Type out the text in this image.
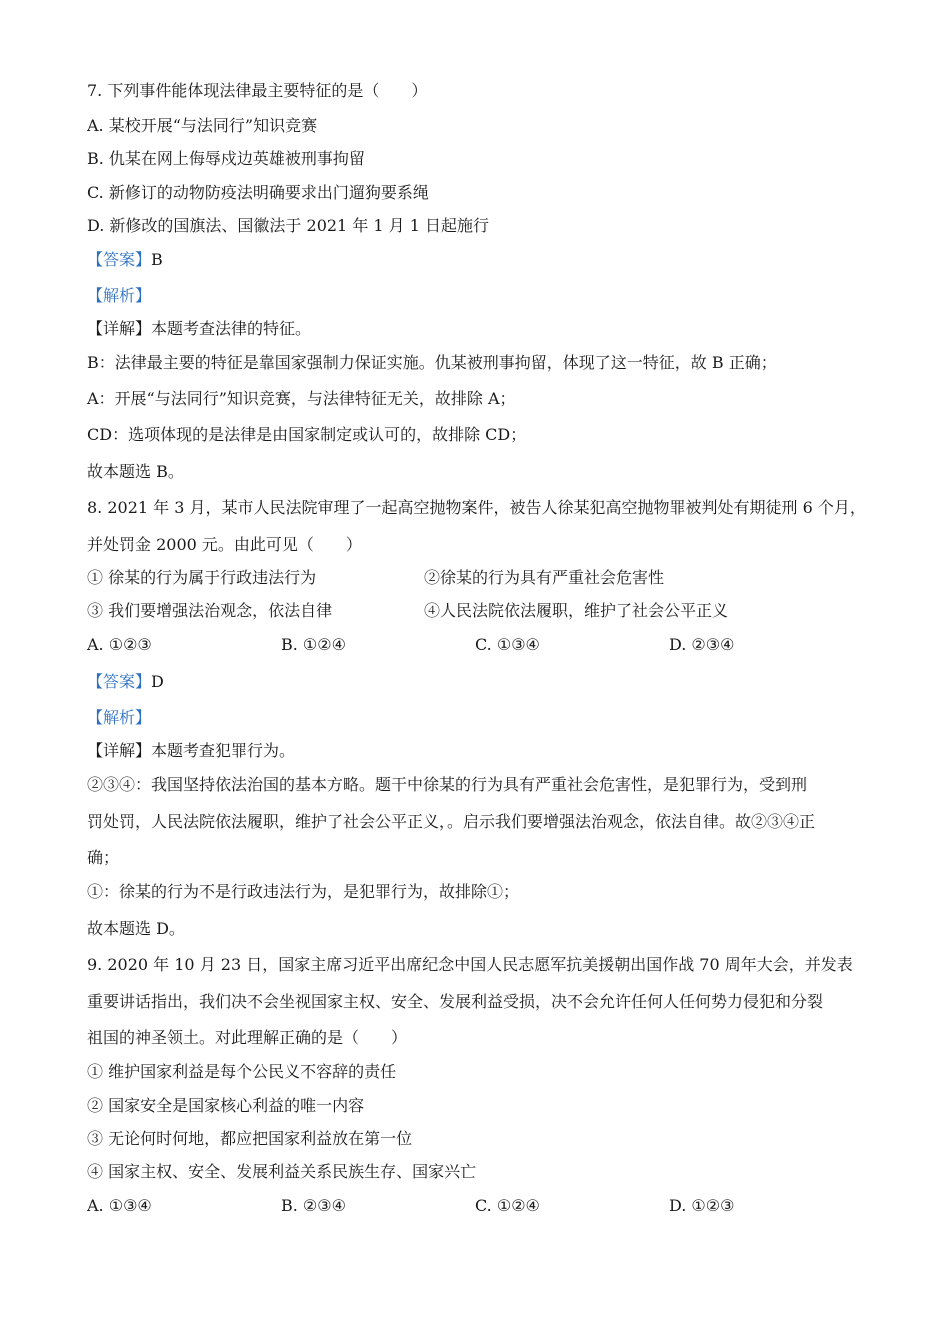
7. 下列事件能体现法律最主要特征的是（　　）
A. 某校开展“与法同行”知识竞赛
B. 仇某在网上侮辱戍边英雄被刑事拘留
C. 新修订的动物防疫法明确要求出门遛狗要系绳
D. 新修改的国旗法、国徽法于 2021 年 1 月 1 日起施行
【答案】B
【解析】
【详解】本题考查法律的特征。
B：法律最主要的特征是靠国家强制力保证实施。仇某被刑事拘留，体现了这一特征，故 B 正确；
A：开展“与法同行”知识竞赛，与法律特征无关，故排除 A；
CD：选项体现的是法律是由国家制定或认可的，故排除 CD；
故本题选 B。
8. 2021 年 3 月，某市人民法院审理了一起高空抛物案件，被告人徐某犯高空抛物罪被判处有期徒刑 6 个月，
并处罚金 2000 元。由此可见（　　）
① 徐某的行为属于行政违法行为	②徐某的行为具有严重社会危害性
③ 我们要增强法治观念，依法自律	④人民法院依法履职，维护了社会公平正义
A. ①②③	B. ①②④	C. ①③④	D. ②③④
【答案】D
【解析】
【详解】本题考查犯罪行为。
②③④：我国坚持依法治国的基本方略。题干中徐某的行为具有严重社会危害性，是犯罪行为，受到刑
罚处罚，人民法院依法履职，维护了社会公平正义，。启示我们要增强法治观念，依法自律。故②③④正
确；
①：徐某的行为不是行政违法行为，是犯罪行为，故排除①；
故本题选 D。
9. 2020 年 10 月 23 日，国家主席习近平出席纪念中国人民志愿军抗美援朝出国作战 70 周年大会，并发表
重要讲话指出，我们决不会坐视国家主权、安全、发展利益受损，决不会允许任何人任何势力侵犯和分裂
祖国的神圣领土。对此理解正确的是（　　）
① 维护国家利益是每个公民义不容辞的责任
② 国家安全是国家核心利益的唯一内容
③ 无论何时何地，都应把国家利益放在第一位
④ 国家主权、安全、发展利益关系民族生存、国家兴亡
A. ①③④	B. ②③④	C. ①②④	D. ①②③
